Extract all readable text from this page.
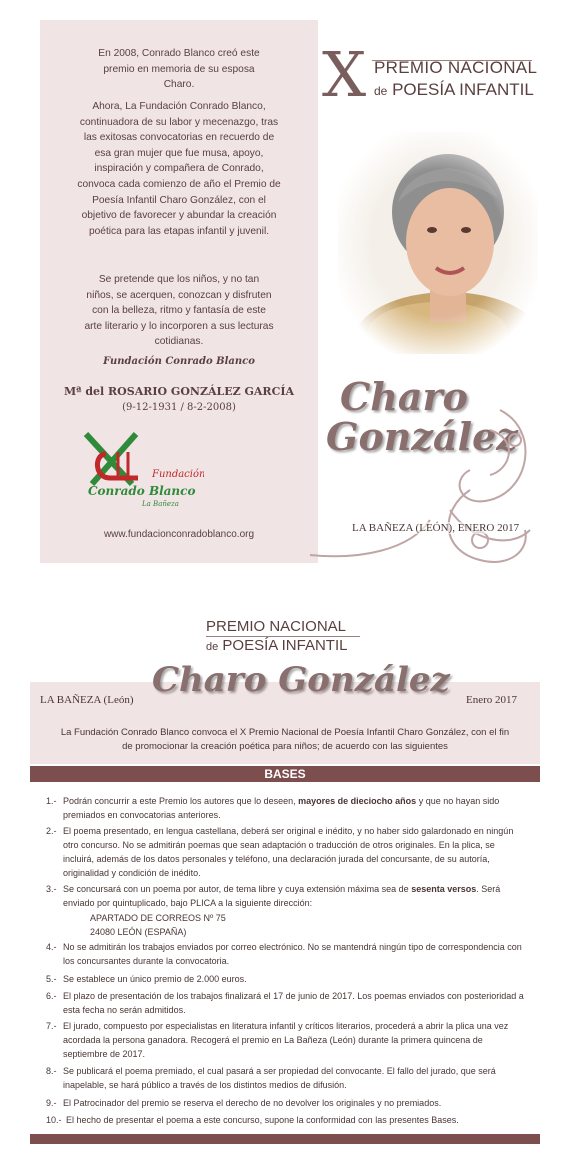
En 2008, Conrado Blanco creó este premio en memoria de su esposa Charo.
Ahora, La Fundación Conrado Blanco, continuadora de su labor y mecenazgo, tras las exitosas convocatorias en recuerdo de esa gran mujer que fue musa, apoyo, inspiración y compañera de Conrado, convoca cada comienzo de año el Premio de Poesía Infantil Charo González, con el objetivo de favorecer y abundar la creación poética para las etapas infantil y juvenil.
Se pretende que los niños, y no tan niños, se acerquen, conozcan y disfruten con la belleza, ritmo y fantasía de este arte literario y lo incorporen a sus lecturas cotidianas.
Fundación Conrado Blanco
Mª del ROSARIO GONZÁLEZ GARCÍA
(9-12-1931 / 8-2-2008)
Fundación
Conrado Blanco
La Bañeza
www.fundacionconradoblanco.org
X PREMIO NACIONAL
de POESÍA INFANTIL
Charo
González
LA BAÑEZA (LEÓN), ENERO 2017
PREMIO NACIONAL
de POESÍA INFANTIL
LA BAÑEZA (León) Charo González Enero 2017
La Fundación Conrado Blanco convoca el X Premio Nacional de Poesía Infantil Charo González, con el fin de promocionar la creación poética para niños; de acuerdo con las siguientes
BASES
1.- Podrán concurrir a este Premio los autores que lo deseen, mayores de dieciocho años y que no hayan sido premiados en convocatorias anteriores.
2.- El poema presentado, en lengua castellana, deberá ser original e inédito, y no haber sido galardonado en ningún otro concurso. No se admitirán poemas que sean adaptación o traducción de otros originales. En la plica, se incluirá, además de los datos personales y teléfono, una declaración jurada del concursante, de su autoría, originalidad y condición de inédito.
3.- Se concursará con un poema por autor, de tema libre y cuya extensión máxima sea de sesenta versos. Será enviado por quintuplicado, bajo PLICA a la siguiente dirección:
APARTADO DE CORREOS Nº 75
24080 LEÓN (ESPAÑA)
4.- No se admitirán los trabajos enviados por correo electrónico. No se mantendrá ningún tipo de correspondencia con los concursantes durante la convocatoria.
5.- Se establece un único premio de 2.000 euros.
6.- El plazo de presentación de los trabajos finalizará el 17 de junio de 2017. Los poemas enviados con posterioridad a esta fecha no serán admitidos.
7.- El jurado, compuesto por especialistas en literatura infantil y críticos literarios, procederá a abrir la plica una vez acordada la persona ganadora. Recogerá el premio en La Bañeza (León) durante la primera quincena de septiembre de 2017.
8.- Se publicará el poema premiado, el cual pasará a ser propiedad del convocante. El fallo del jurado, que será inapelable, se hará público a través de los distintos medios de difusión.
9.- El Patrocinador del premio se reserva el derecho de no devolver los originales y no premiados.
10.- El hecho de presentar el poema a este concurso, supone la conformidad con las presentes Bases.
